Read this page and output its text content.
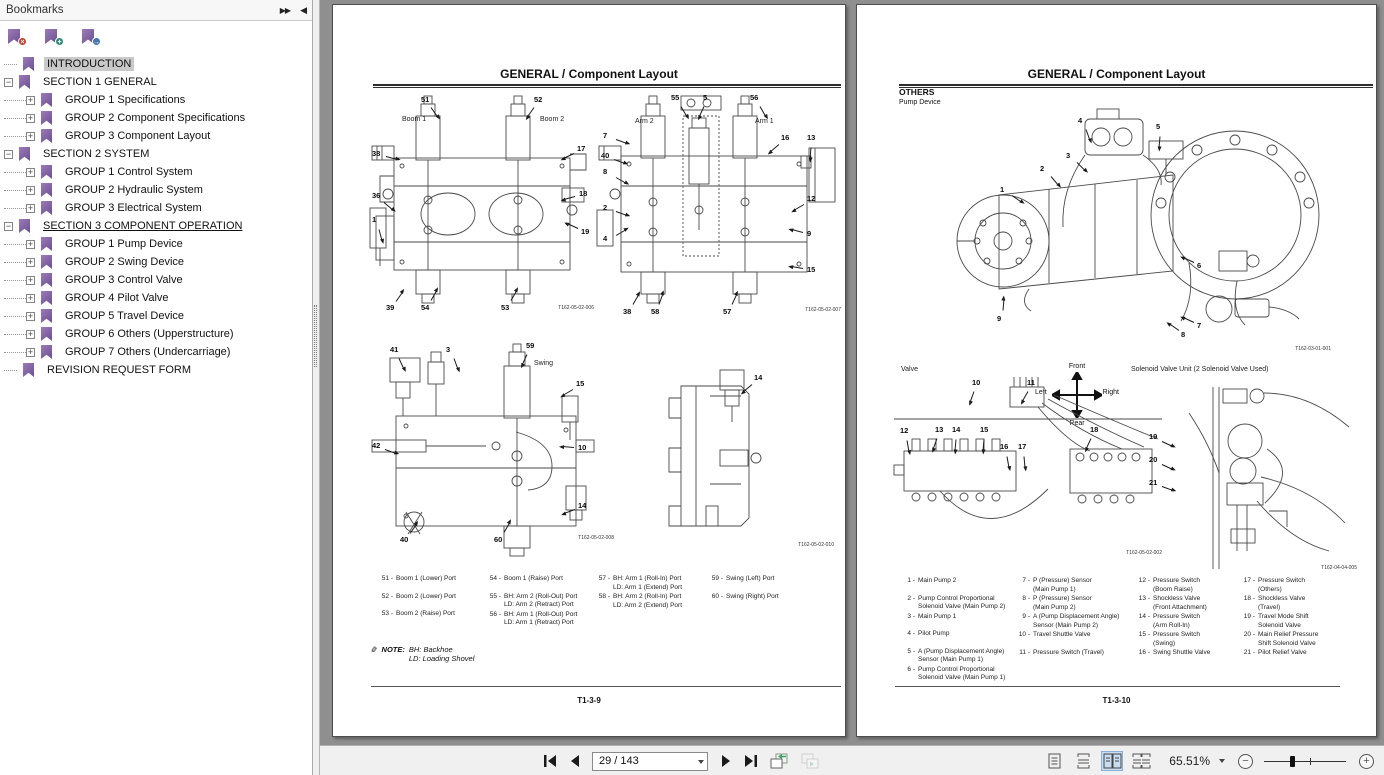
Bookmarks	▶▶ ◀
×	+	→
INTRODUCTION
−	SECTION 1 GENERAL
+	GROUP 1 Specifications
+	GROUP 2 Component Specifications
+	GROUP 3 Component Layout
−	SECTION 2 SYSTEM
+	GROUP 1 Control System
+	GROUP 2 Hydraulic System
+	GROUP 3 Electrical System
−	SECTION 3 COMPONENT OPERATION
+	GROUP 1 Pump Device
+	GROUP 2 Swing Device
+	GROUP 3 Control Valve
+	GROUP 4 Pilot Valve
+	GROUP 5 Travel Device
+	GROUP 6 Others (Upperstructure)
+	GROUP 7 Others (Undercarriage)
REVISION REQUEST FORM
GENERAL / Component Layout
T162-05-02-006
51	52
Boom 1	Boom 2
38
17
36	18
1
19
39	54	53	T162-05-02-007
55	5	56
Arm 2	Arm 1
7	16 13
40
8
2
12
4
9
15
38	58	57
T162-05-02-008
41	3	59
Swing
15
42	10
14
40	60
T162-05-02-010
14
51 - Boom 1 (Lower) Port
52 - Boom 2 (Lower) Port
53 - Boom 2 (Raise) Port
54 - Boom 1 (Raise) Port
55 - BH: Arm 2 (Roll-Out) Port
LD: Arm 2 (Retract) Port
56 - BH: Arm 1 (Roll-Out) Port
LD: Arm 1 (Retract) Port
57 - BH: Arm 1 (Roll-In) Port
LD: Arm 1 (Extend) Port
58 - BH: Arm 2 (Roll-In) Port
LD: Arm 2 (Extend) Port
59 - Swing (Left) Port
60 - Swing (Right) Port
✎ NOTE: BH: Backhoe
LD: Loading Shovel
T1-3-9
GENERAL / Component Layout
OTHERS
Pump Device
T162-03-01-001
4
5
3
2
1
6
9
7
8
Valve	Front
Left	Right
Rear
T162-05-02-002
10	11
12	13 14	15
16 17
18
Solenoid Valve Unit (2 Solenoid Valve Used)
T162-04-04-005
19
20
21
1 - Main Pump 2
2 - Pump Control Proportional
Solenoid Valve (Main Pump 2)
3 - Main Pump 1
4 - Pilot Pump
5 - A (Pump Displacement Angle)
Sensor (Main Pump 1)
6 - Pump Control Proportional
Solenoid Valve (Main Pump 1)
7 - P (Pressure) Sensor
(Main Pump 1)
8 - P (Pressure) Sensor
(Main Pump 2)
9 - A (Pump Displacement Angle)
Sensor (Main Pump 2)
10 - Travel Shuttle Valve
11 - Pressure Switch (Travel)
12 - Pressure Switch
(Boom Raise)
13 - Shockless Valve
(Front Attachment)
14 - Pressure Switch
(Arm Roll-In)
15 - Pressure Switch
(Swing)
16 - Swing Shuttle Valve
17 - Pressure Switch
(Others)
18 - Shockless Valve
(Travel)
19 - Travel Mode Shift
Solenoid Valve
20 - Main Relief Pressure
Shift Solenoid Valve
21 - Pilot Relief Valve
T1-3-10
29 / 143
65.51%	−	+
